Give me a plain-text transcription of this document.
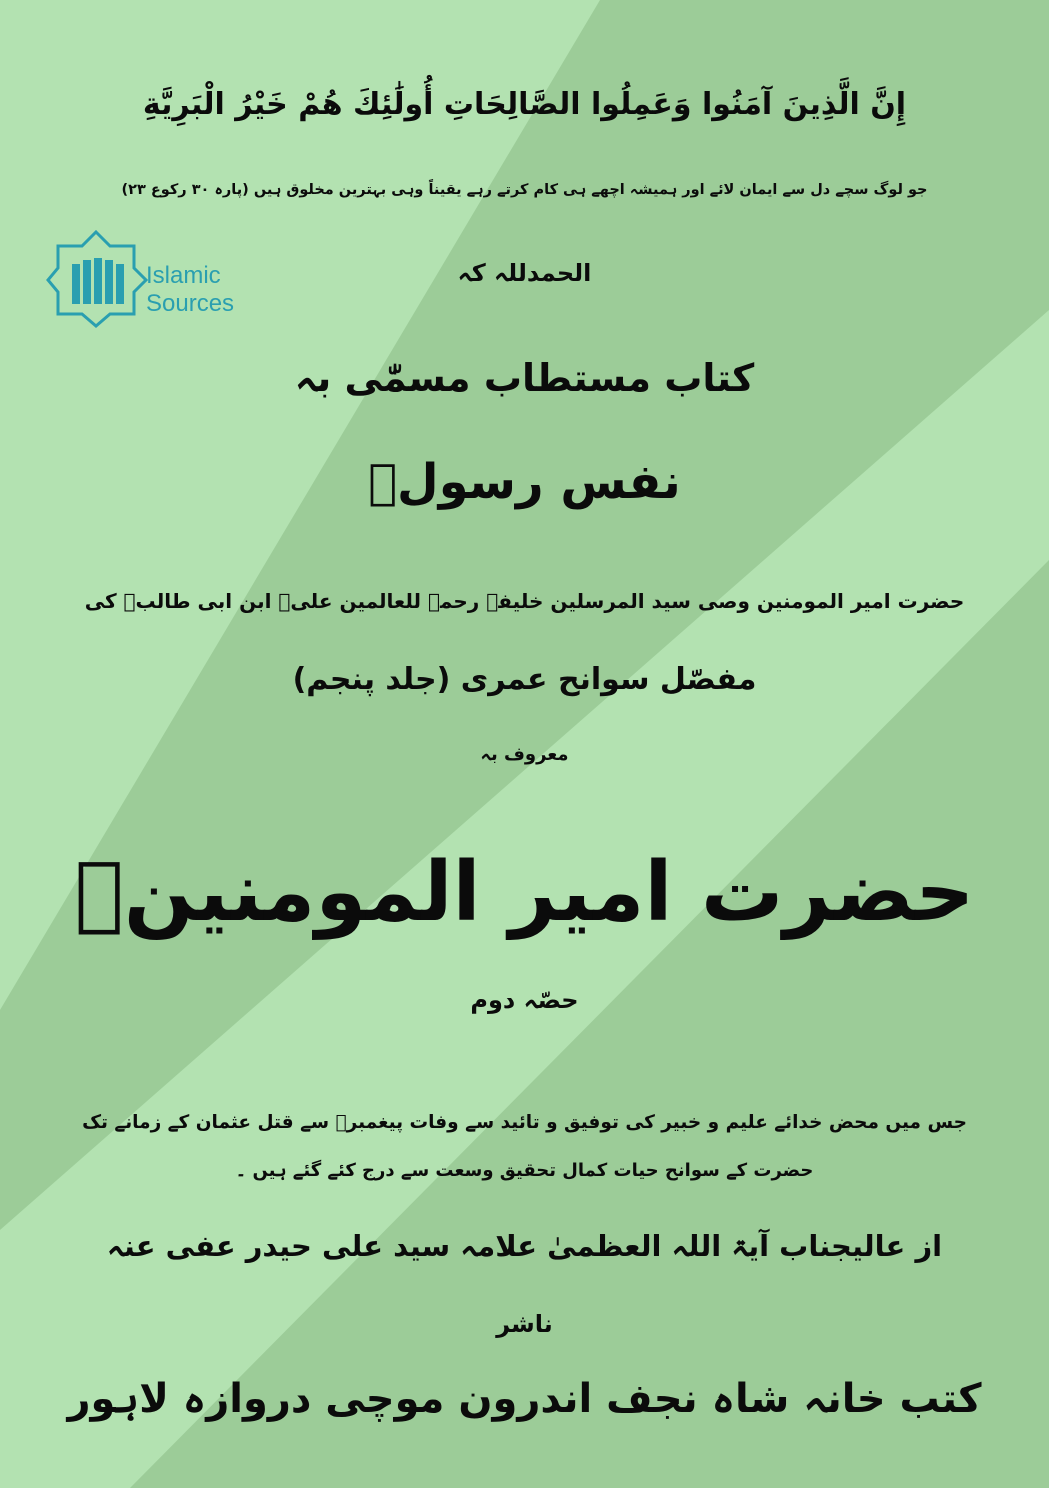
Islamic
Sources
إِنَّ الَّذِينَ آمَنُوا وَعَمِلُوا الصَّالِحَاتِ أُولَٰئِكَ هُمْ خَيْرُ الْبَرِيَّةِ
جو لوگ سچے دل سے ایمان لائے اور ہمیشہ اچھے ہی کام کرتے رہے یقیناً وہی بہترین مخلوق ہیں (پارہ ۳۰ رکوع ۲۳)
الحمدللہ کہ
کتاب مستطاب مسمّٰی بہ
نفس رسولؐ
حضرت امیر المومنین وصی سید المرسلین خلیفہ رحمۃ للعالمین علیؑ ابن ابی طالبؑ کی
مفصّل سوانح عمری (جلد پنجم)
معروف بہ
حضرت امیر المومنینؑ
حصّہ دوم
جس میں محض خدائے علیم و خبیر کی توفیق و تائید سے وفات پیغمبرؐ سے قتل عثمان کے زمانے تک
حضرت کے سوانح حیات کمال تحقیق وسعت سے درج کئے گئے ہیں ۔
از عالیجناب آیۃ اللہ العظمیٰ علامہ سید علی حیدر عفی عنہ
ناشر
کتب خانہ شاہ نجف اندرون موچی دروازہ لاہور
